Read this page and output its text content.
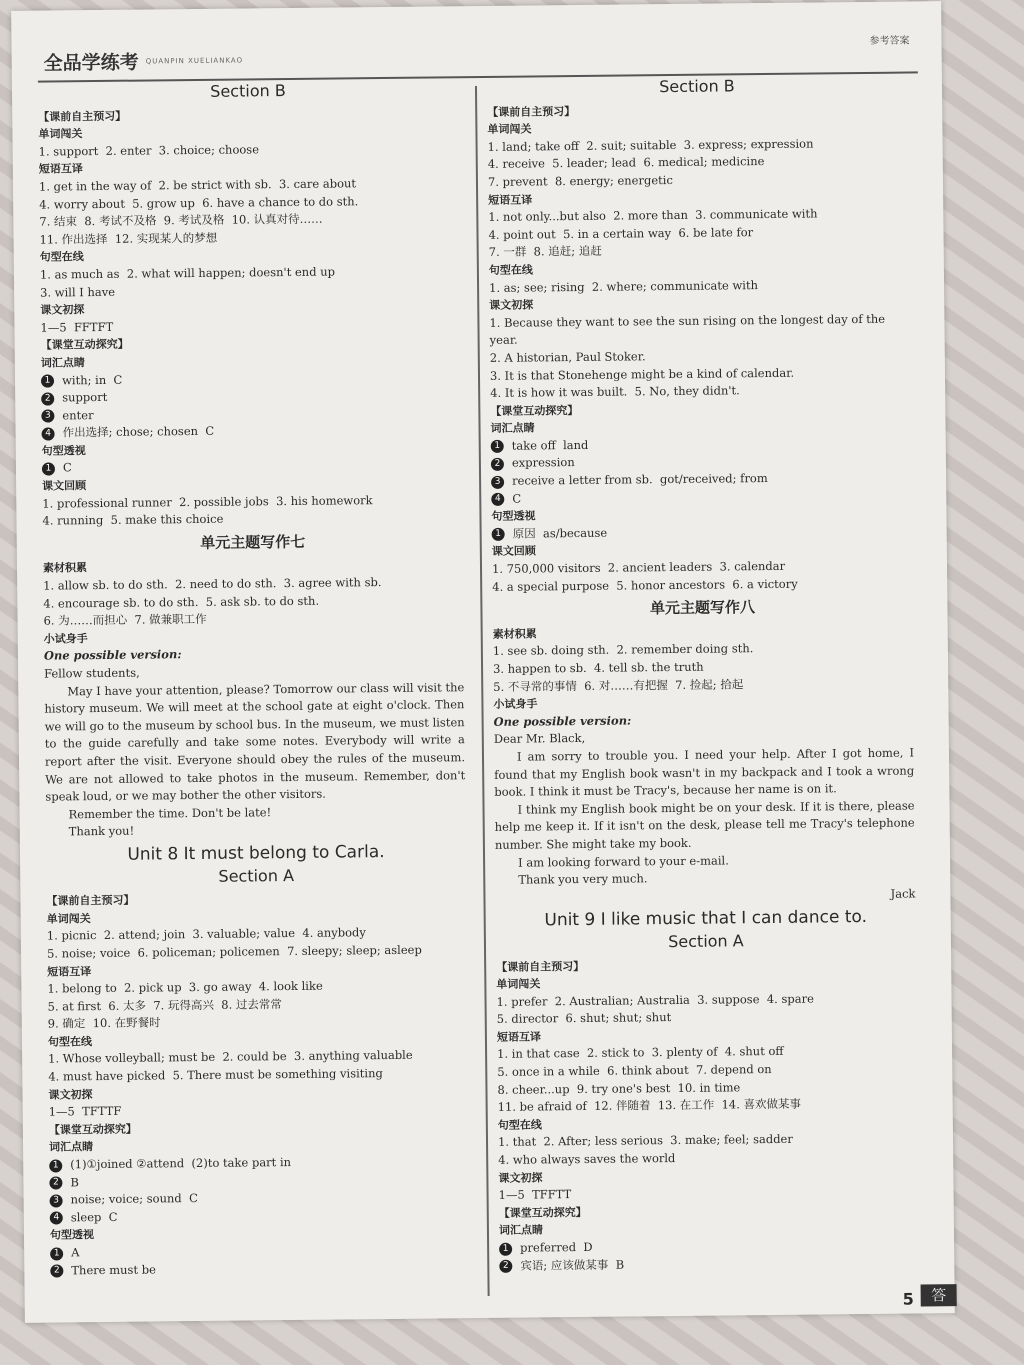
全品学练考 QUANPIN XUELIANKAO
参考答案
Section B

【课前自主预习】

单词闯关

1. support  2. enter  3. choice; choose

短语互译

1. get in the way of  2. be strict with sb.  3. care about

4. worry about  5. grow up  6. have a chance to do sth.

7. 结束  8. 考试不及格  9. 考试及格  10. 认真对待……

11. 作出选择  12. 实现某人的梦想

句型在线

1. as much as  2. what will happen; doesn't end up

3. will I have

课文初探

1—5  FFTFT

【课堂互动探究】

词汇点睛

1 with; in  C

2 support

3 enter

4 作出选择; chose; chosen  C

句型透视

1 C

课文回顾

1. professional runner  2. possible jobs  3. his homework

4. running  5. make this choice

单元主题写作七

素材积累

1. allow sb. to do sth.  2. need to do sth.  3. agree with sb.

4. encourage sb. to do sth.  5. ask sb. to do sth.

6. 为……而担心  7. 做兼职工作

小试身手

One possible version:

Fellow students,

May I have your attention, please? Tomorrow our class will visit the history museum. We will meet at the school gate at eight o'clock. Then we will go to the museum by school bus. In the museum, we must listen to the guide carefully and take some notes. Everybody will write a report after the visit. Everyone should obey the rules of the museum. We are not allowed to take photos in the museum. Remember, don't speak loud, or we may bother the other visitors.

Remember the time. Don't be late!

Thank you!

Unit 8 It must belong to Carla.
Section A

【课前自主预习】

单词闯关

1. picnic  2. attend; join  3. valuable; value  4. anybody

5. noise; voice  6. policeman; policemen  7. sleepy; sleep; asleep

短语互译

1. belong to  2. pick up  3. go away  4. look like

5. at first  6. 太多  7. 玩得高兴  8. 过去常常

9. 确定  10. 在野餐时

句型在线

1. Whose volleyball; must be  2. could be  3. anything valuable

4. must have picked  5. There must be something visiting

课文初探

1—5  TFTTF

【课堂互动探究】

词汇点睛

1 (1)①joined ②attend  (2)to take part in

2 B

3 noise; voice; sound  C

4 sleep  C

句型透视

1 A

2 There must be

Section B

【课前自主预习】

单词闯关

1. land; take off  2. suit; suitable  3. express; expression

4. receive  5. leader; lead  6. medical; medicine

7. prevent  8. energy; energetic

短语互译

1. not only...but also  2. more than  3. communicate with

4. point out  5. in a certain way  6. be late for

7. 一群  8. 追赶; 追赶

句型在线

1. as; see; rising  2. where; communicate with

课文初探

1. Because they want to see the sun rising on the longest day of the year.

2. A historian, Paul Stoker.

3. It is that Stonehenge might be a kind of calendar.

4. It is how it was built.  5. No, they didn't.

【课堂互动探究】

词汇点睛

1 take off  land

2 expression

3 receive a letter from sb.  got/received; from

4 C

句型透视

1 原因  as/because

课文回顾

1. 750,000 visitors  2. ancient leaders  3. calendar

4. a special purpose  5. honor ancestors  6. a victory

单元主题写作八

素材积累

1. see sb. doing sth.  2. remember doing sth.

3. happen to sb.  4. tell sb. the truth

5. 不寻常的事情  6. 对……有把握  7. 捡起; 拾起

小试身手

One possible version:

Dear Mr. Black,

I am sorry to trouble you. I need your help. After I got home, I found that my English book wasn't in my backpack and I took a wrong book. I think it must be Tracy's, because her name is on it.

I think my English book might be on your desk. If it is there, please help me keep it. If it isn't on the desk, please tell me Tracy's telephone number. She might take my book.

I am looking forward to your e-mail.

Thank you very much.

Jack

Unit 9 I like music that I can dance to.
Section A

【课前自主预习】

单词闯关

1. prefer  2. Australian; Australia  3. suppose  4. spare

5. director  6. shut; shut; shut

短语互译

1. in that case  2. stick to  3. plenty of  4. shut off

5. once in a while  6. think about  7. depend on

8. cheer...up  9. try one's best  10. in time

11. be afraid of  12. 伴随着  13. 在工作  14. 喜欢做某事

句型在线

1. that  2. After; less serious  3. make; feel; sadder

4. who always saves the world

课文初探

1—5  TFFTT

【课堂互动探究】

词汇点睛

1 preferred  D

2 宾语; 应该做某事  B

5	答
